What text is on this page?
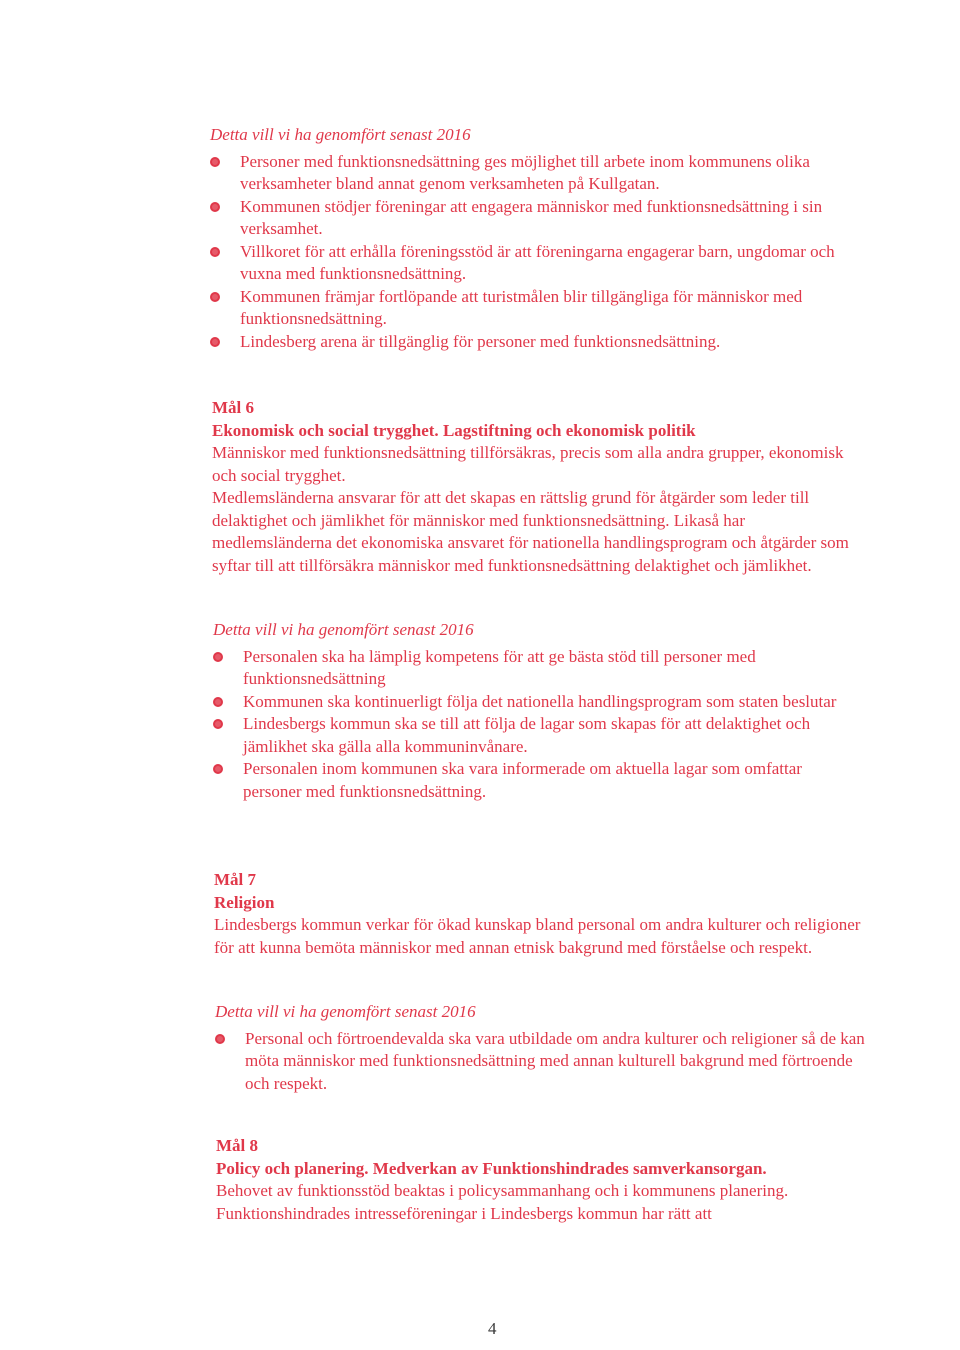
Detta vill vi ha genomfört senast 2016

Personer med funktionsnedsättning ges möjlighet till arbete inom kommunens olika verksamheter bland annat genom verksamheten på Kullgatan.
Kommunen stödjer föreningar att engagera människor med funktionsnedsättning i sin verksamhet.
Villkoret för att erhålla föreningsstöd är att föreningarna engagerar barn, ungdomar och vuxna med funktionsnedsättning.
Kommunen främjar fortlöpande att turistmålen blir tillgängliga för människor med funktionsnedsättning.
Lindesberg arena är tillgänglig för personer med funktionsnedsättning.

Mål 6

Ekonomisk och social trygghet. Lagstiftning och ekonomisk politik

Människor med funktionsnedsättning tillförsäkras, precis som alla andra grupper, ekonomisk och social trygghet.

Medlemsländerna ansvarar för att det skapas en rättslig grund för åtgärder som leder till delaktighet och jämlikhet för människor med funktionsnedsättning. Likaså har medlemsländerna det ekonomiska ansvaret för nationella handlingsprogram och åtgärder som syftar till att tillförsäkra människor med funktionsnedsättning delaktighet och jämlikhet.

Detta vill vi ha genomfört senast 2016

Personalen ska ha lämplig kompetens för att ge bästa stöd till personer med funktionsnedsättning
Kommunen ska kontinuerligt följa det nationella handlingsprogram som staten beslutar
Lindesbergs kommun ska se till att följa de lagar som skapas för att delaktighet och jämlikhet ska gälla alla kommuninvånare.
Personalen inom kommunen ska vara informerade om aktuella lagar som omfattar personer med funktionsnedsättning.

Mål 7

Religion

Lindesbergs kommun verkar för ökad kunskap bland personal om andra kulturer och religioner för att kunna bemöta människor med annan etnisk bakgrund med förståelse och respekt.

Detta vill vi ha genomfört senast 2016

Personal och förtroendevalda ska vara utbildade om andra kulturer och religioner så de kan möta människor med funktionsnedsättning med annan kulturell bakgrund med förtroende och respekt.

Mål 8

Policy och planering. Medverkan av Funktionshindrades samverkansorgan.

Behovet av funktionsstöd beaktas i policysammanhang och i kommunens planering.

Funktionshindrades intresseföreningar i Lindesbergs kommun har rätt att

4
